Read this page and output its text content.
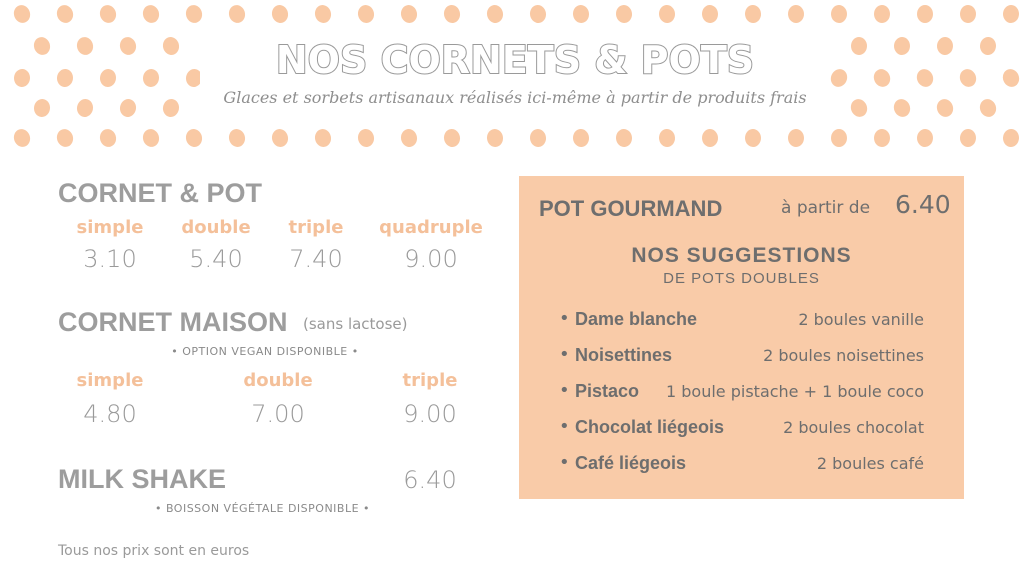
NOS CORNETS & POTS

Glaces et sorbets artisanaux réalisés ici-même à partir de produits frais

CORNET & POT
simple	double	triple	quadruple
3.10	5.40	7.40	9.00
CORNET MAISON (sans lactose)
• OPTION VEGAN DISPONIBLE •
simple	double	triple
4.80	7.00	9.00
MILK SHAKE	6.40
• BOISSON VÉGÉTALE DISPONIBLE •
Tous nos prix sont en euros
POT GOURMAND	à partir de 6.40
NOS SUGGESTIONS
DE POTS DOUBLES
• Dame blanche	2 boules vanille
• Noisettines	2 boules noisettines
• Pistaco 1 boule pistache + 1 boule coco
• Chocolat liégeois	2 boules chocolat
• Café liégeois	2 boules café
